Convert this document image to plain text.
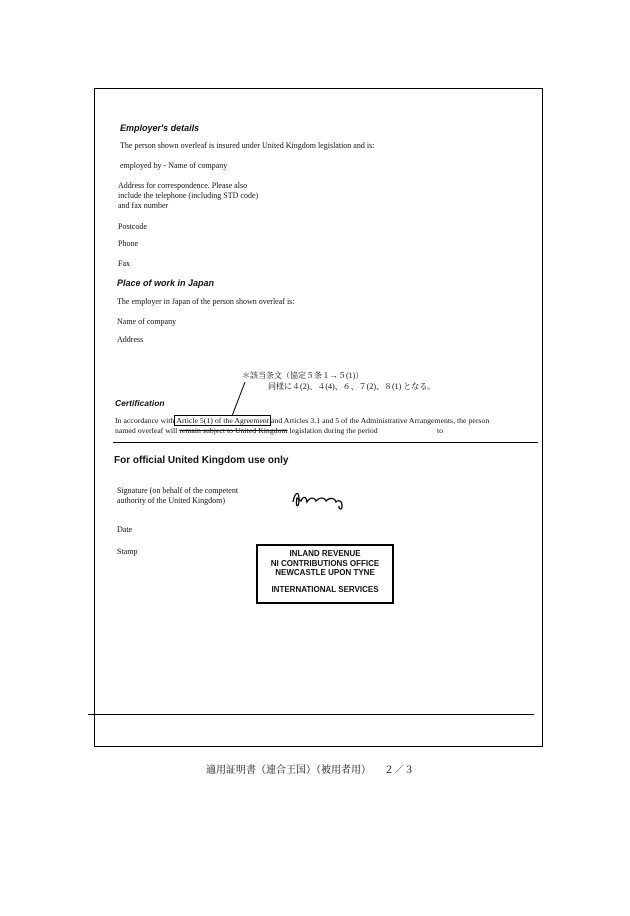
Employer's details
The person shown overleaf is insured under United Kingdom legislation and is:
employed by - Name of company
Address for correspondence. Please also
include the telephone (including STD code)
and fax number
Postcode
Phone
Fax
Place of work in Japan
The employer in Japan of the person shown overleaf is:
Name of company
Address
＊該当条文（協定５条１→５(1)）
同様に４(2)、４(4)、６、７(2)、８(1) となる。
Certification
In accordance with Article 5(1) of the Agreement and Articles 3.1 and 5 of the Administrative Arrangements, the person
named overleaf will remain subject to United Kingdom legislation during the period	to
For official United Kingdom use only
Signature (on behalf of the competent
authority of the United Kingdom)
Date
Stamp	INLAND REVENUE
NI CONTRIBUTIONS OFFICE
NEWCASTLE UPON TYNE
INTERNATIONAL SERVICES
適用証明書（連合王国）（被用者用） ２／３
